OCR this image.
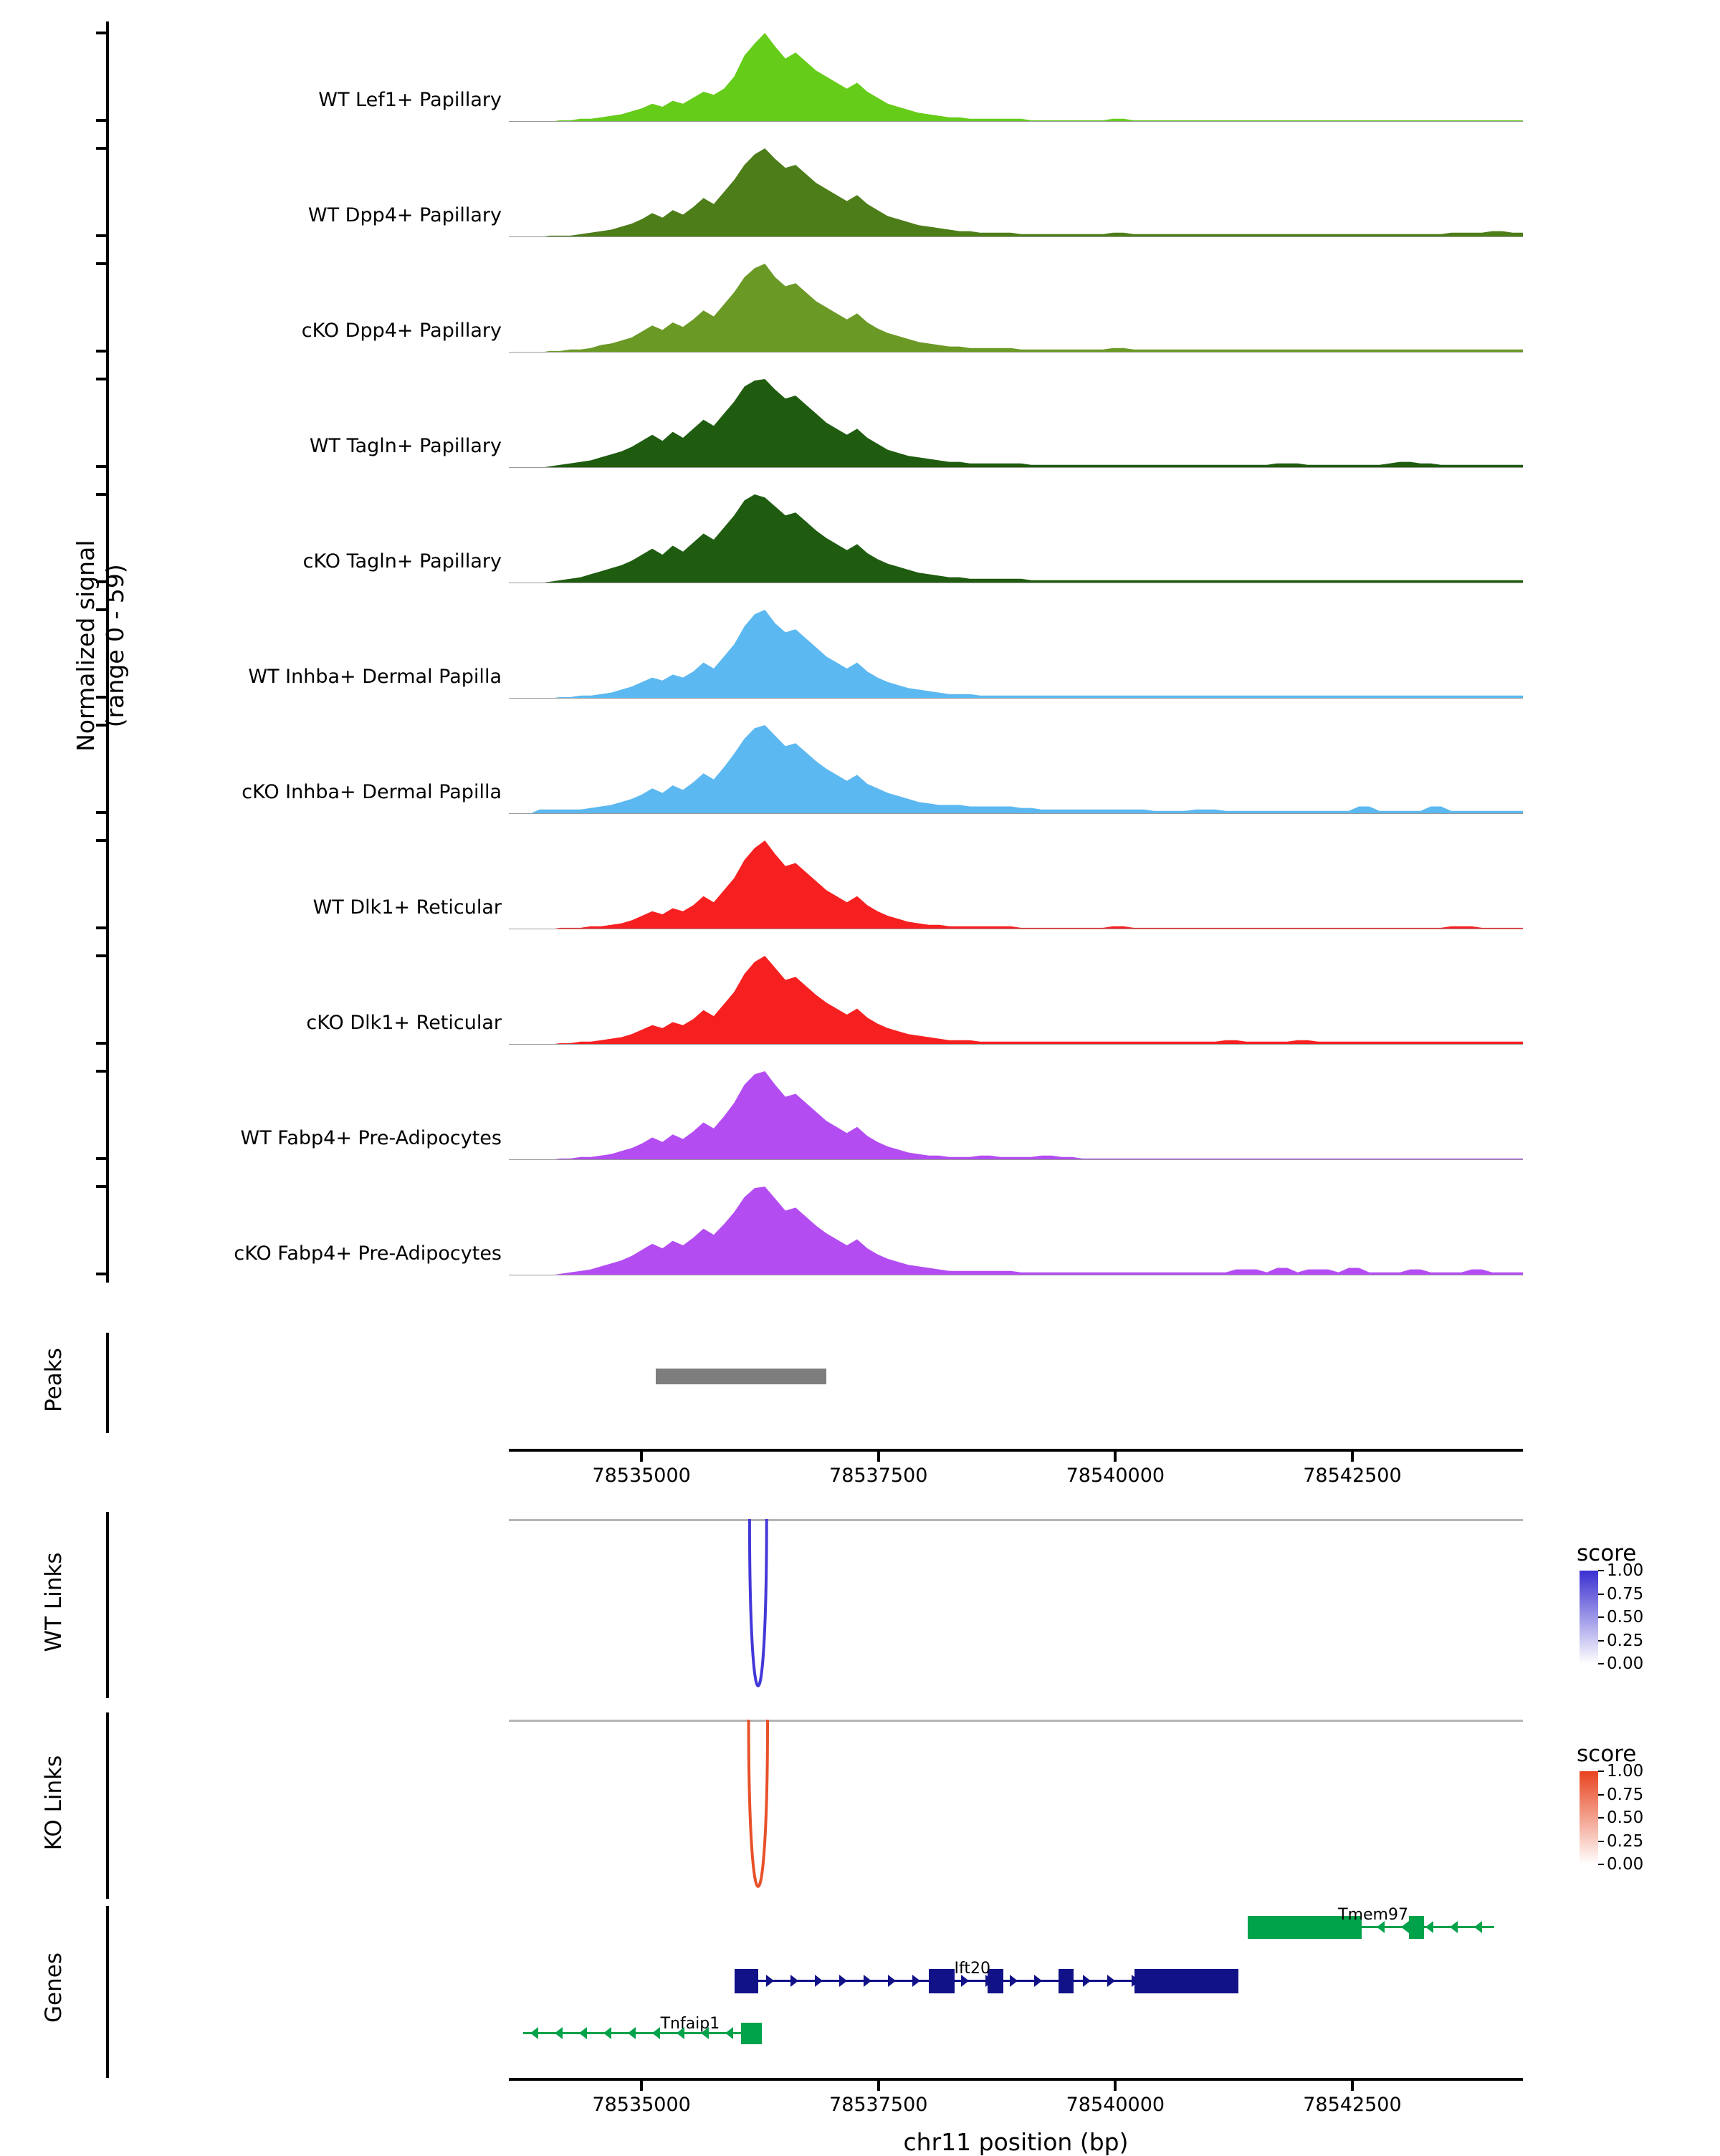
Normalized signal (range 0 - 59)
WT Lef1+ Papillary
WT Dpp4+ Papillary
cKO Dpp4+ Papillary
WT Tagln+ Papillary
cKO Tagln+ Papillary
WT Inhba+ Dermal Papilla
cKO Inhba+ Dermal Papilla
WT Dlk1+ Reticular
cKO Dlk1+ Reticular
WT Fabp4+ Pre-Adipocytes
cKO Fabp4+ Pre-Adipocytes
Peaks
78535000	78537500	78540000	78542500
WT Links
KO Links
score
1.00
0.75
0.50
0.25
0.00
score
1.00
0.75
0.50
0.25
0.00
Genes
Tnfaip1
Ift20
Tmem97
78535000	78537500	78540000	78542500
chr11 position (bp)
